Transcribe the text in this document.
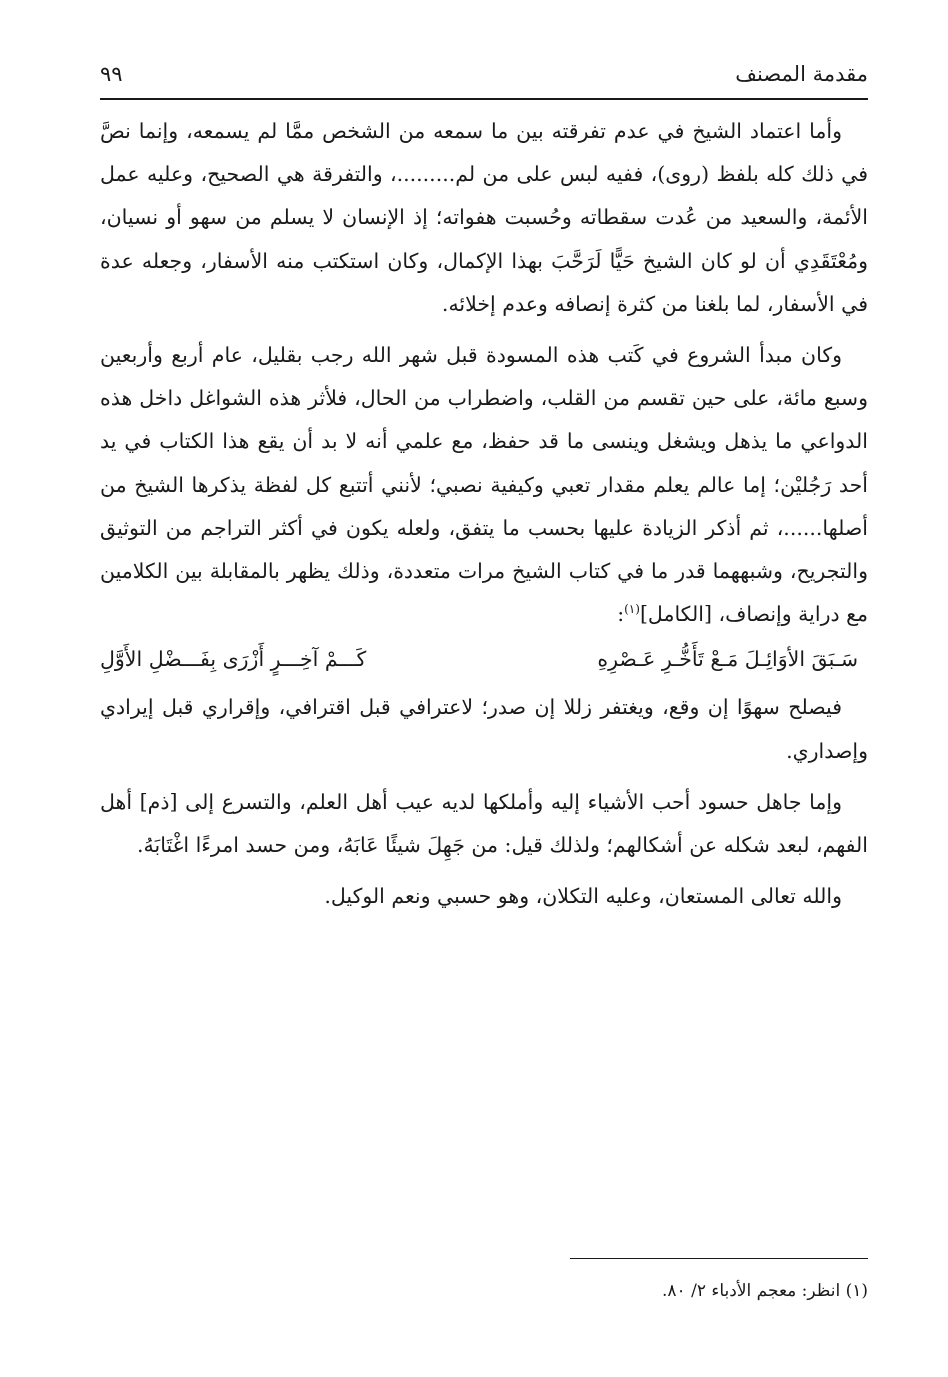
مقدمة المصنف
٩٩

وأما اعتماد الشيخ في عدم تفرقته بين ما سمعه من الشخص ممَّا لم يسمعه، وإنما نصَّ في ذلك كله بلفظ (روى)، ففيه لبس على من لم.........، والتفرقة هي الصحيح، وعليه عمل الأئمة، والسعيد من عُدت سقطاته وحُسبت هفواته؛ إذ الإنسان لا يسلم من سهو أو نسيان، ومُعْتَقَدِي أن لو كان الشيخ حَيًّا لَرَحَّبَ بهذا الإكمال، وكان استكتب منه الأسفار، وجعله عدة في الأسفار، لما بلغنا من كثرة إنصافه وعدم إخلائه.

وكان مبدأ الشروع في كَتب هذه المسودة قبل شهر الله رجب بقليل، عام أربع وأربعين وسبع مائة، على حين تقسم من القلب، واضطراب من الحال، فلأثر هذه الشواغل داخل هذه الدواعي ما يذهل ويشغل وينسى ما قد حفظ، مع علمي أنه لا بد أن يقع هذا الكتاب في يد أحد رَجُليْن؛ إما عالم يعلم مقدار تعبي وكيفية نصبي؛ لأنني أتتبع كل لفظة يذكرها الشيخ من أصلها......، ثم أذكر الزيادة عليها بحسب ما يتفق، ولعله يكون في أكثر التراجم من التوثيق والتجريح، وشبههما قدر ما في كتاب الشيخ مرات متعددة، وذلك يظهر بالمقابلة بين الكلامين مع دراية وإنصاف، [الكامل]$^{(١)}$:

سَـبَقَ الأوَائِـلَ مَـعْ تَأَخُّـرِ عَـصْرِهِ
كَـــمْ آخِـــرٍ أَزْرَى بِفَـــضْلِ الأَوَّلِ

فيصلح سهوًا إن وقع، ويغتفر زللا إن صدر؛ لاعترافي قبل اقترافي، وإقراري قبل إيرادي وإصداري.

وإما جاهل حسود أحب الأشياء إليه وأملكها لديه عيب أهل العلم، والتسرع إلى [ذم] أهل الفهم، لبعد شكله عن أشكالهم؛ ولذلك قيل: من جَهِلَ شيئًا عَابَهُ، ومن حسد امرءًا اغْتَابَهُ.

والله تعالى المستعان، وعليه التكلان، وهو حسبي ونعم الوكيل.

(١) انظر: معجم الأدباء ٢/ ٨٠.
